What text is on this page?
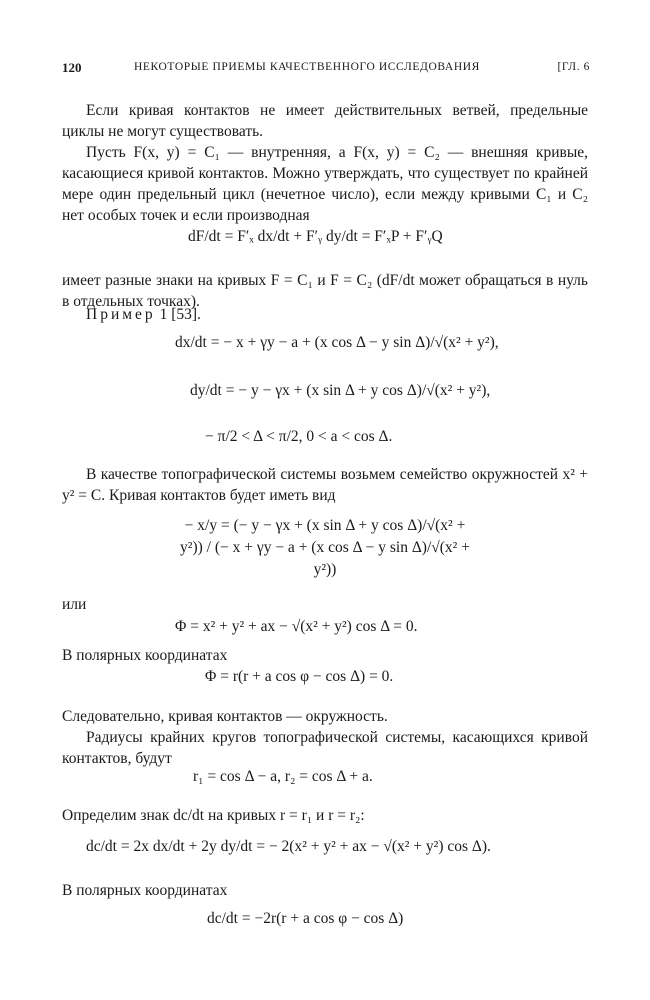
120	НЕКОТОРЫЕ ПРИЕМЫ КАЧЕСТВЕННОГО ИССЛЕДОВАНИЯ	[ГЛ. 6
Если кривая контактов не имеет действительных ветвей, предельные циклы не могут существовать.
Пусть F(x, y) = C₁ — внутренняя, а F(x, y) = C₂ — внешняя кривые, касающиеся кривой контактов. Можно утверждать, что существует по крайней мере один предельный цикл (нечетное число), если между кривыми C₁ и C₂ нет особых точек и если производная
dF/dt = F′ₓ dx/dt + F′ᵧ dy/dt = F′ₓP + F′ᵧQ
имеет разные знаки на кривых F = C₁ и F = C₂ (dF/dt может обращаться в нуль в отдельных точках).
Пример 1 [53].
dx/dt = − x + γy − a + (x cos Δ − y sin Δ)/√(x² + y²),
dy/dt = − y − γx + (x sin Δ + y cos Δ)/√(x² + y²),
− π/2 < Δ < π/2, 0 < a < cos Δ.
В качестве топографической системы возьмем семейство окружностей x² + y² = C. Кривая контактов будет иметь вид
− x/y = (− y − γx + (x sin Δ + y cos Δ)/√(x² + y²)) / (− x + γy − a + (x cos Δ − y sin Δ)/√(x² + y²))
или
Φ = x² + y² + ax − √(x² + y²) cos Δ = 0.
В полярных координатах
Φ = r(r + a cos φ − cos Δ) = 0.
Следовательно, кривая контактов — окружность.
Радиусы крайних кругов топографической системы, касающихся кривой контактов, будут
r₁ = cos Δ − a, r₂ = cos Δ + a.
Определим знак dc/dt на кривых r = r₁ и r = r₂:
dc/dt = 2x dx/dt + 2y dy/dt = − 2(x² + y² + ax − √(x² + y²) cos Δ).
В полярных координатах
dc/dt = −2r(r + a cos φ − cos Δ)
